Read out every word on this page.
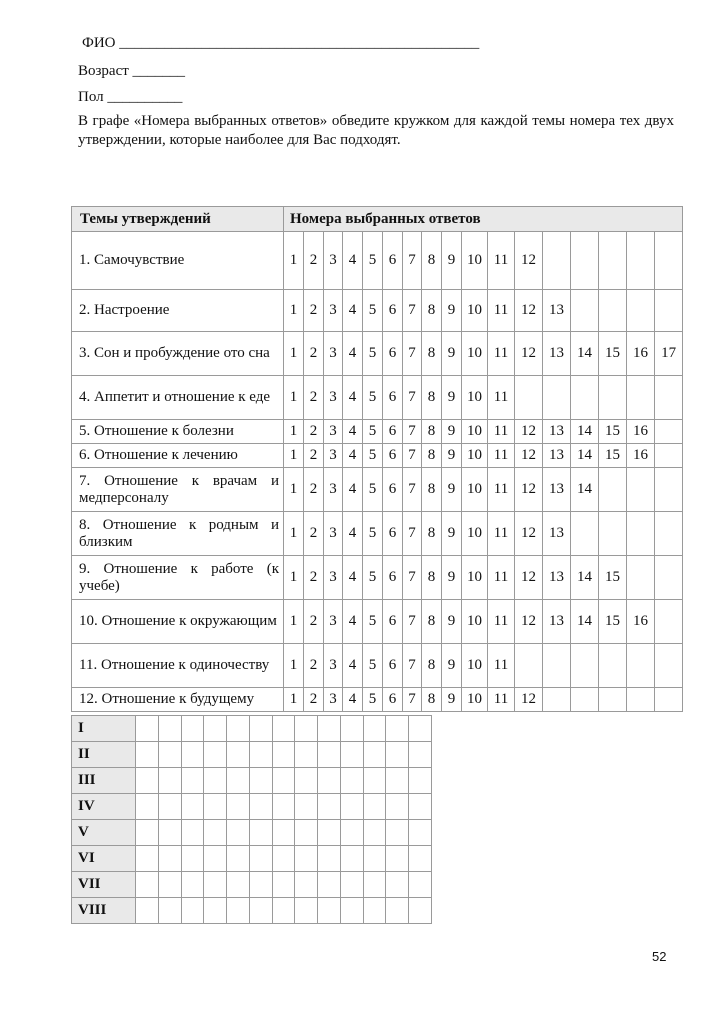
ФИО ________________________________________________
Возраст _______
Пол __________
В графе «Номера выбранных ответов» обведите кружком для каждой темы номера тех двух утверждении, которые наиболее для Вас подходят.
Темы утверждений	Номера выбранных ответов																
1. Самочувствие	1	2	3	4	5	6	7	8	9	10	11	12					
2. Настроение	1	2	3	4	5	6	7	8	9	10	11	12	13				
3. Сон и пробуждение ото сна	1	2	3	4	5	6	7	8	9	10	11	12	13	14	15	16	17
4. Аппетит и отношение к еде	1	2	3	4	5	6	7	8	9	10	11						
5. Отношение к болезни	1	2	3	4	5	6	7	8	9	10	11	12	13	14	15	16	
6. Отношение к лечению	1	2	3	4	5	6	7	8	9	10	11	12	13	14	15	16	
7. Отношение к врачам и медперсоналу	1	2	3	4	5	6	7	8	9	10	11	12	13	14			
8. Отношение к родным и близким	1	2	3	4	5	6	7	8	9	10	11	12	13				
9. Отношение к работе (к учебе)	1	2	3	4	5	6	7	8	9	10	11	12	13	14	15		
10. Отношение к окружающим	1	2	3	4	5	6	7	8	9	10	11	12	13	14	15	16	
11. Отношение к одиночеству	1	2	3	4	5	6	7	8	9	10	11						
12. Отношение к будущему	1	2	3	4	5	6	7	8	9	10	11	12					
I													
II													
III													
IV													
V													
VI													
VII													
VIII													
52
